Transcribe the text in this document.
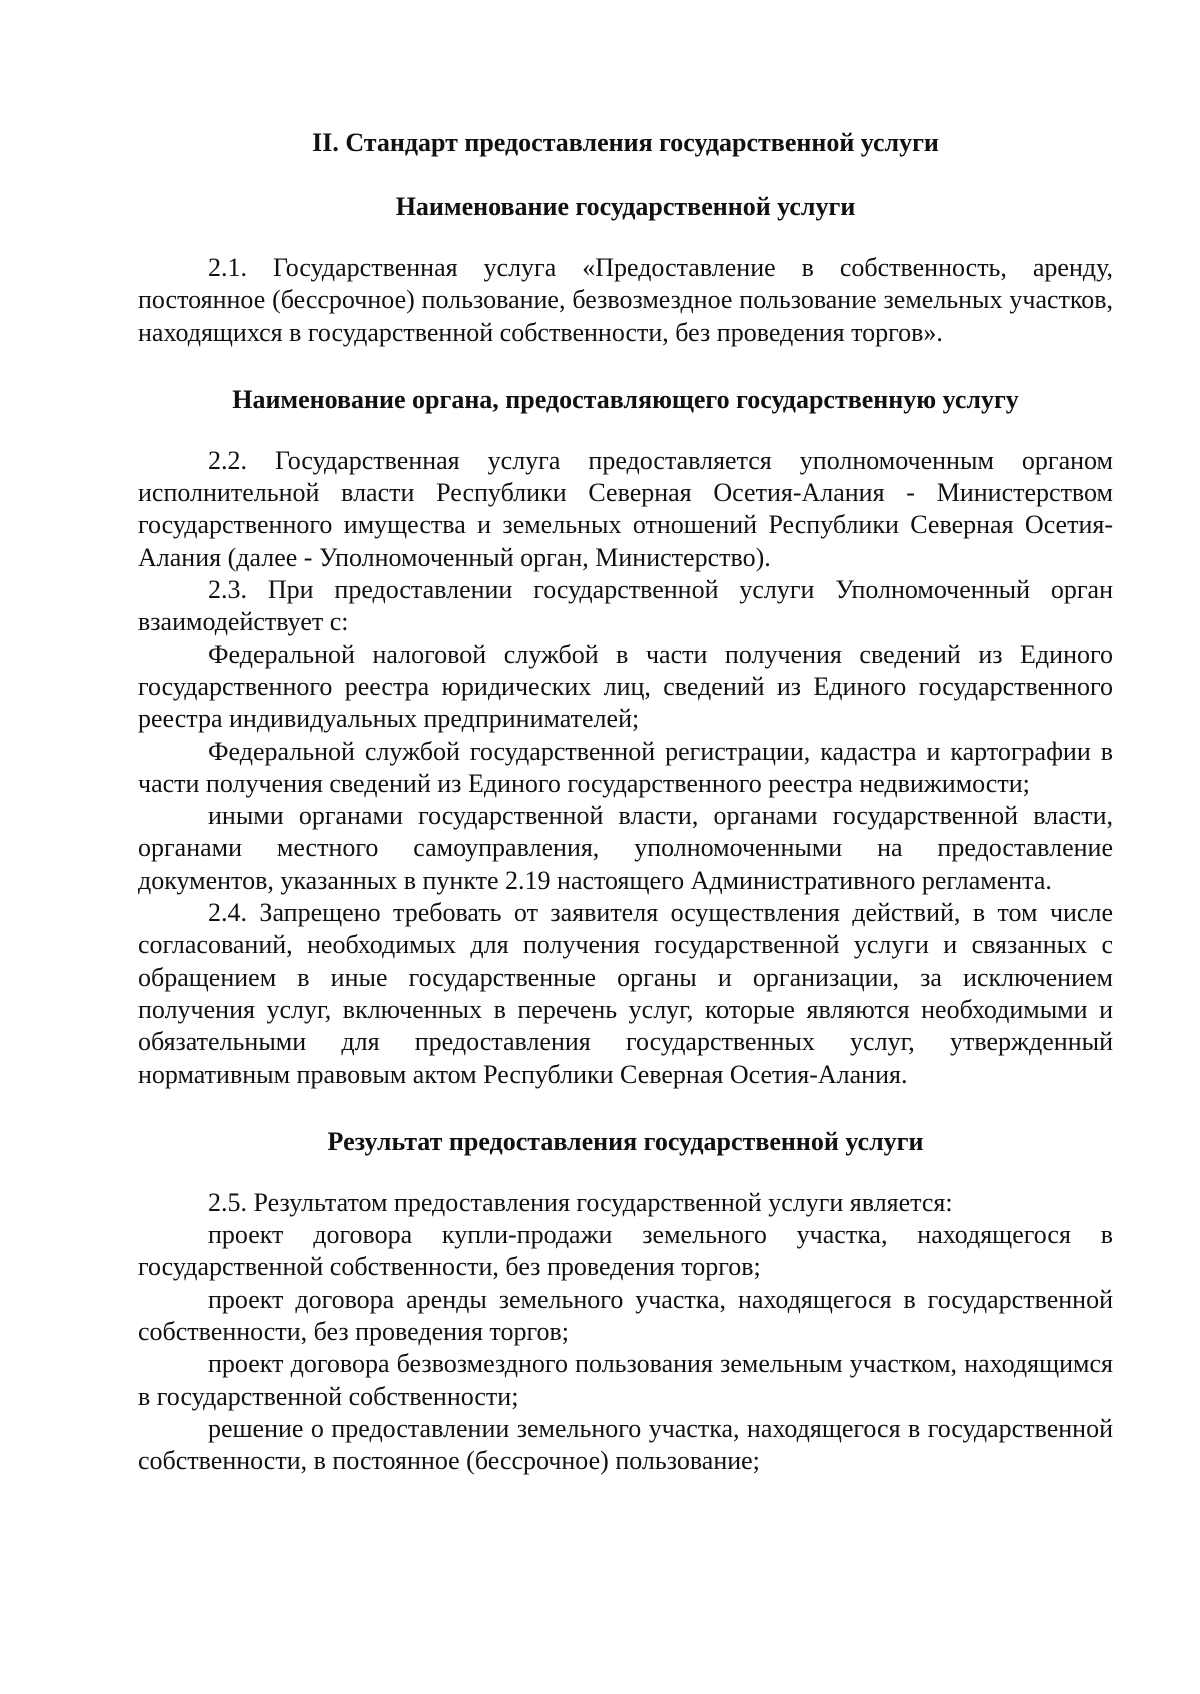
II. Стандарт предоставления государственной услуги
Наименование государственной услуги

2.1. Государственная услуга «Предоставление в собственность, аренду, постоянное (бессрочное) пользование, безвозмездное пользование земельных участков, находящихся в государственной собственности, без проведения торгов».

Наименование органа, предоставляющего государственную услугу

2.2. Государственная услуга предоставляется уполномоченным органом исполнительной власти Республики Северная Осетия-Алания - Министерством государственного имущества и земельных отношений Республики Северная Осетия-Алания (далее - Уполномоченный орган, Министерство).

2.3. При предоставлении государственной услуги Уполномоченный орган взаимодействует с:

Федеральной налоговой службой в части получения сведений из Единого государственного реестра юридических лиц, сведений из Единого государственного реестра индивидуальных предпринимателей;

Федеральной службой государственной регистрации, кадастра и картографии в части получения сведений из Единого государственного реестра недвижимости;

иными органами государственной власти, органами государственной власти, органами местного самоуправления, уполномоченными на предоставление документов, указанных в пункте 2.19 настоящего Административного регламента.

2.4. Запрещено требовать от заявителя осуществления действий, в том числе согласований, необходимых для получения государственной услуги и связанных с обращением в иные государственные органы и организации, за исключением получения услуг, включенных в перечень услуг, которые являются необходимыми и обязательными для предоставления государственных услуг, утвержденный нормативным правовым актом Республики Северная Осетия-Алания.

Результат предоставления государственной услуги

2.5. Результатом предоставления государственной услуги является:

проект договора купли-продажи земельного участка, находящегося в государственной собственности, без проведения торгов;

проект договора аренды земельного участка, находящегося в государственной собственности, без проведения торгов;

проект договора безвозмездного пользования земельным участком, находящимся в государственной собственности;

решение о предоставлении земельного участка, находящегося в государственной собственности, в постоянное (бессрочное) пользование;
